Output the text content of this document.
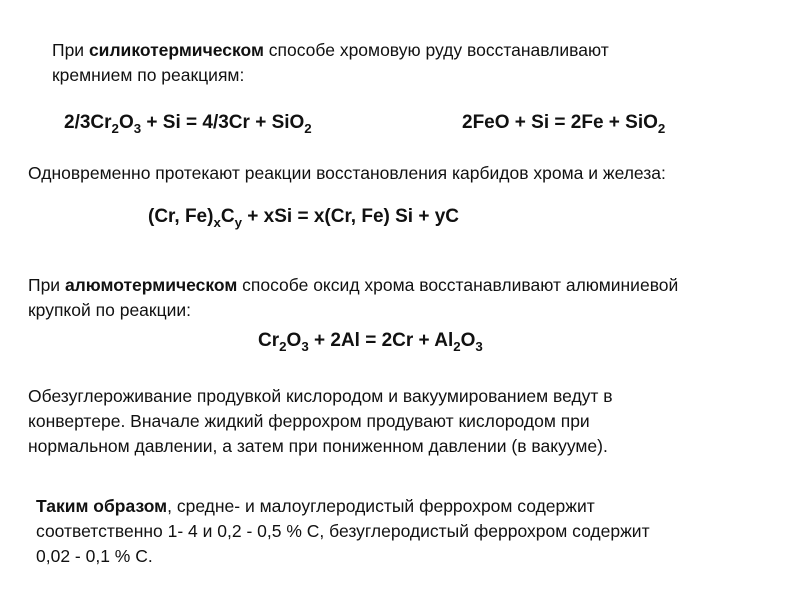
При силикотермическом способе хромовую руду восстанавливают
кремнием по реакциям:
$2/3Cr_2O_3 + Si = 4/3Cr + SiO_2$	2FeO + Si = 2Fe + SiO$_2$
Одновременно протекают реакции восстановления карбидов хрома и железа:
(Cr, $Fe)_xC_y$ + xSi = x(Cr, Fe) Si + yC
При алюмотермическом способе оксид хрома восстанавливают алюминиевой
крупкой по реакции:
$Cr_2O_3 + 2Al = 2Cr + Al_2O_3$
Обезуглероживание продувкой кислородом и вакуумированием ведут в
конвертере. Вначале жидкий феррохром продувают кислородом при
нормальном давлении, а затем при пониженном давлении (в вакууме).
Таким образом, средне- и малоуглеродистый феррохром содержит
соответственно 1- 4 и 0,2 - 0,5 % С, безуглеродистый феррохром содержит
0,02 - 0,1 % С.
